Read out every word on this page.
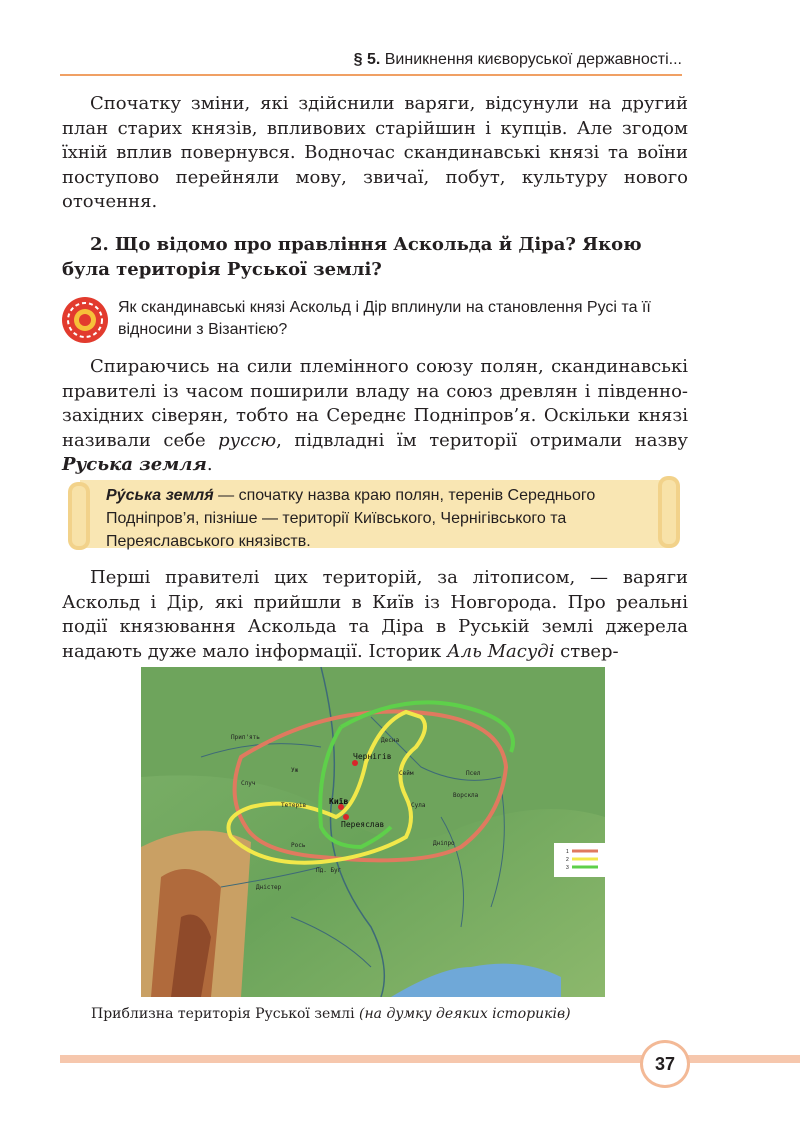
§ 5. Виникнення києворуської державності...
Спочатку зміни, які здійснили варяги, відсунули на другий план старих князів, впливових старійшин і купців. Але згодом їхній вплив повернувся. Водночас скандинавські князі та воїни поступово перейняли мову, звичаї, побут, культуру нового оточення.
2. Що відомо про правління Аскольда й Діра? Якою була територія Руської землі?
Як скандинавські князі Аскольд і Дір вплинули на становлення Русі та її відносини з Візантією?
Спираючись на сили племінного союзу полян, скандинавські правителі із часом поширили владу на союз древлян і південно-західних сіверян, тобто на Середнє Подніпров’я. Оскільки князі називали себе руссю, підвладні їм території отримали назву Руська земля.
Ру́ська земля́ — спочатку назва краю полян, теренів Середнього Подніпров’я, пізніше — території Київського, Чернігівського та Переяславського князівств.
Перші правителі цих територій, за літописом, — варяги Аскольд і Дір, які прийшли в Київ із Новгорода. Про реальні події князювання Аскольда та Діра в Руській землі джерела надають дуже мало інформації. Історик Аль Масуді ствер-
Чернігів
Київ
Переяслав
Прип'ять
Случ
Уж
Тетерів
Десна
Сейм	Псел
Ворскла
Сула
Рось	Дніпро
Пд. Буг
Дністер
1
2
3
Приблизна територія Руської землі (на думку деяких істориків)
37
